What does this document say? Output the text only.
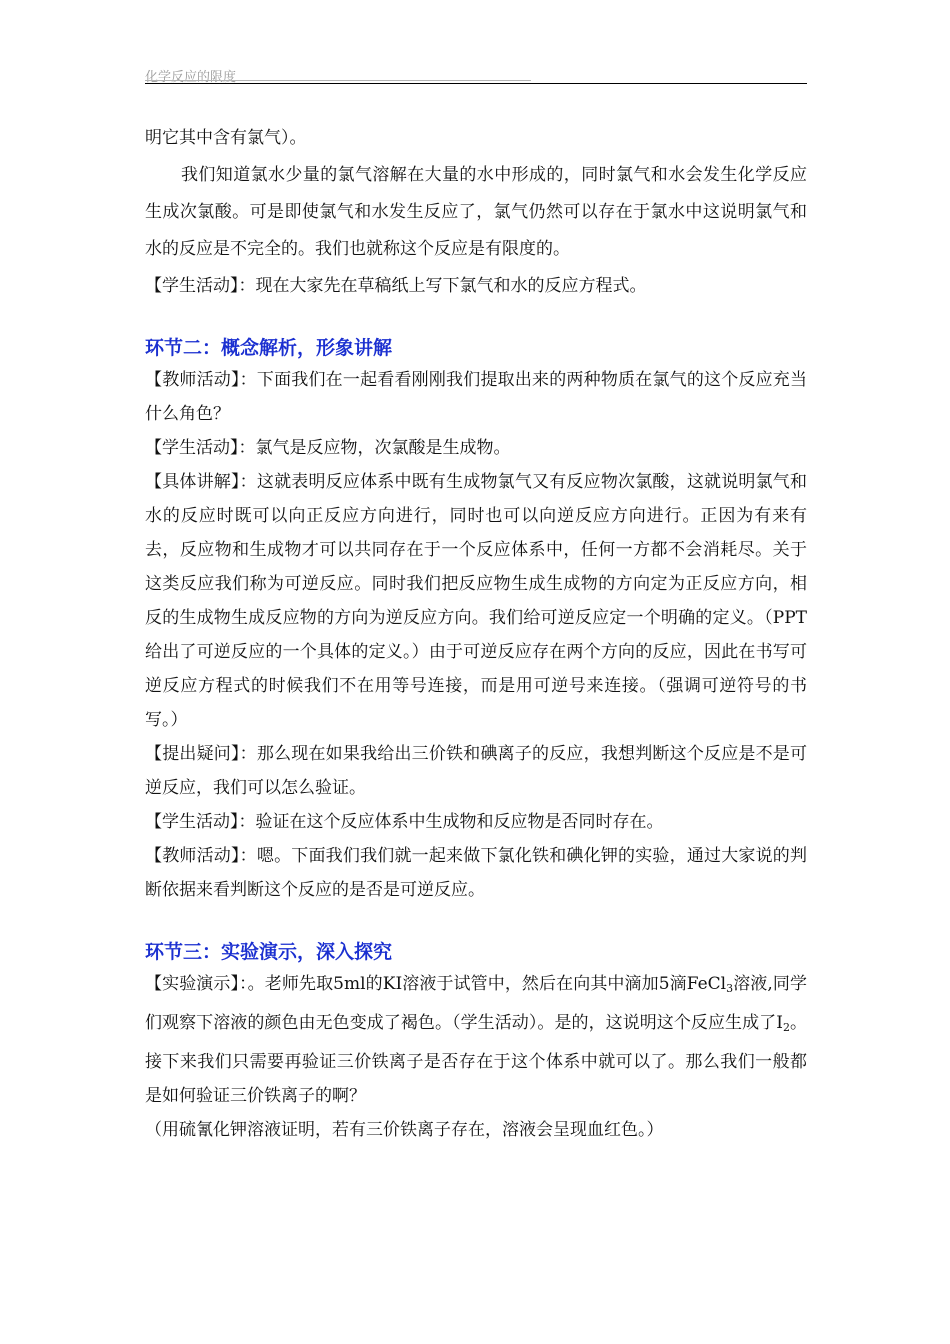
化学反应的限度

明它其中含有氯气）。

我们知道氯水少量的氯气溶解在大量的水中形成的，同时氯气和水会发生化学反应生成次氯酸。可是即使氯气和水发生反应了，氯气仍然可以存在于氯水中这说明氯气和水的反应是不完全的。我们也就称这个反应是有限度的。

【学生活动】：现在大家先在草稿纸上写下氯气和水的反应方程式。

环节二：概念解析，形象讲解

【教师活动】：下面我们在一起看看刚刚我们提取出来的两种物质在氯气的这个反应充当什么角色？

【学生活动】：氯气是反应物，次氯酸是生成物。

【具体讲解】：这就表明反应体系中既有生成物氯气又有反应物次氯酸，这就说明氯气和水的反应时既可以向正反应方向进行，同时也可以向逆反应方向进行。正因为有来有去，反应物和生成物才可以共同存在于一个反应体系中，任何一方都不会消耗尽。关于这类反应我们称为可逆反应。同时我们把反应物生成生成物的方向定为正反应方向，相反的生成物生成反应物的方向为逆反应方向。我们给可逆反应定一个明确的定义。（PPT给出了可逆反应的一个具体的定义。）由于可逆反应存在两个方向的反应，因此在书写可逆反应方程式的时候我们不在用等号连接，而是用可逆号来连接。（强调可逆符号的书写。）

【提出疑问】：那么现在如果我给出三价铁和碘离子的反应，我想判断这个反应是不是可逆反应，我们可以怎么验证。

【学生活动】：验证在这个反应体系中生成物和反应物是否同时存在。

【教师活动】：嗯。下面我们我们就一起来做下氯化铁和碘化钾的实验，通过大家说的判断依据来看判断这个反应的是否是可逆反应。

环节三：实验演示，深入探究

【实验演示】：。老师先取5ml的KI溶液于试管中，然后在向其中滴加5滴FeCl$_3$溶液,同学们观察下溶液的颜色由无色变成了褐色。（学生活动）。是的，这说明这个反应生成了$I_2$。接下来我们只需要再验证三价铁离子是否存在于这个体系中就可以了。那么我们一般都是如何验证三价铁离子的啊？

（用硫氰化钾溶液证明，若有三价铁离子存在，溶液会呈现血红色。）
